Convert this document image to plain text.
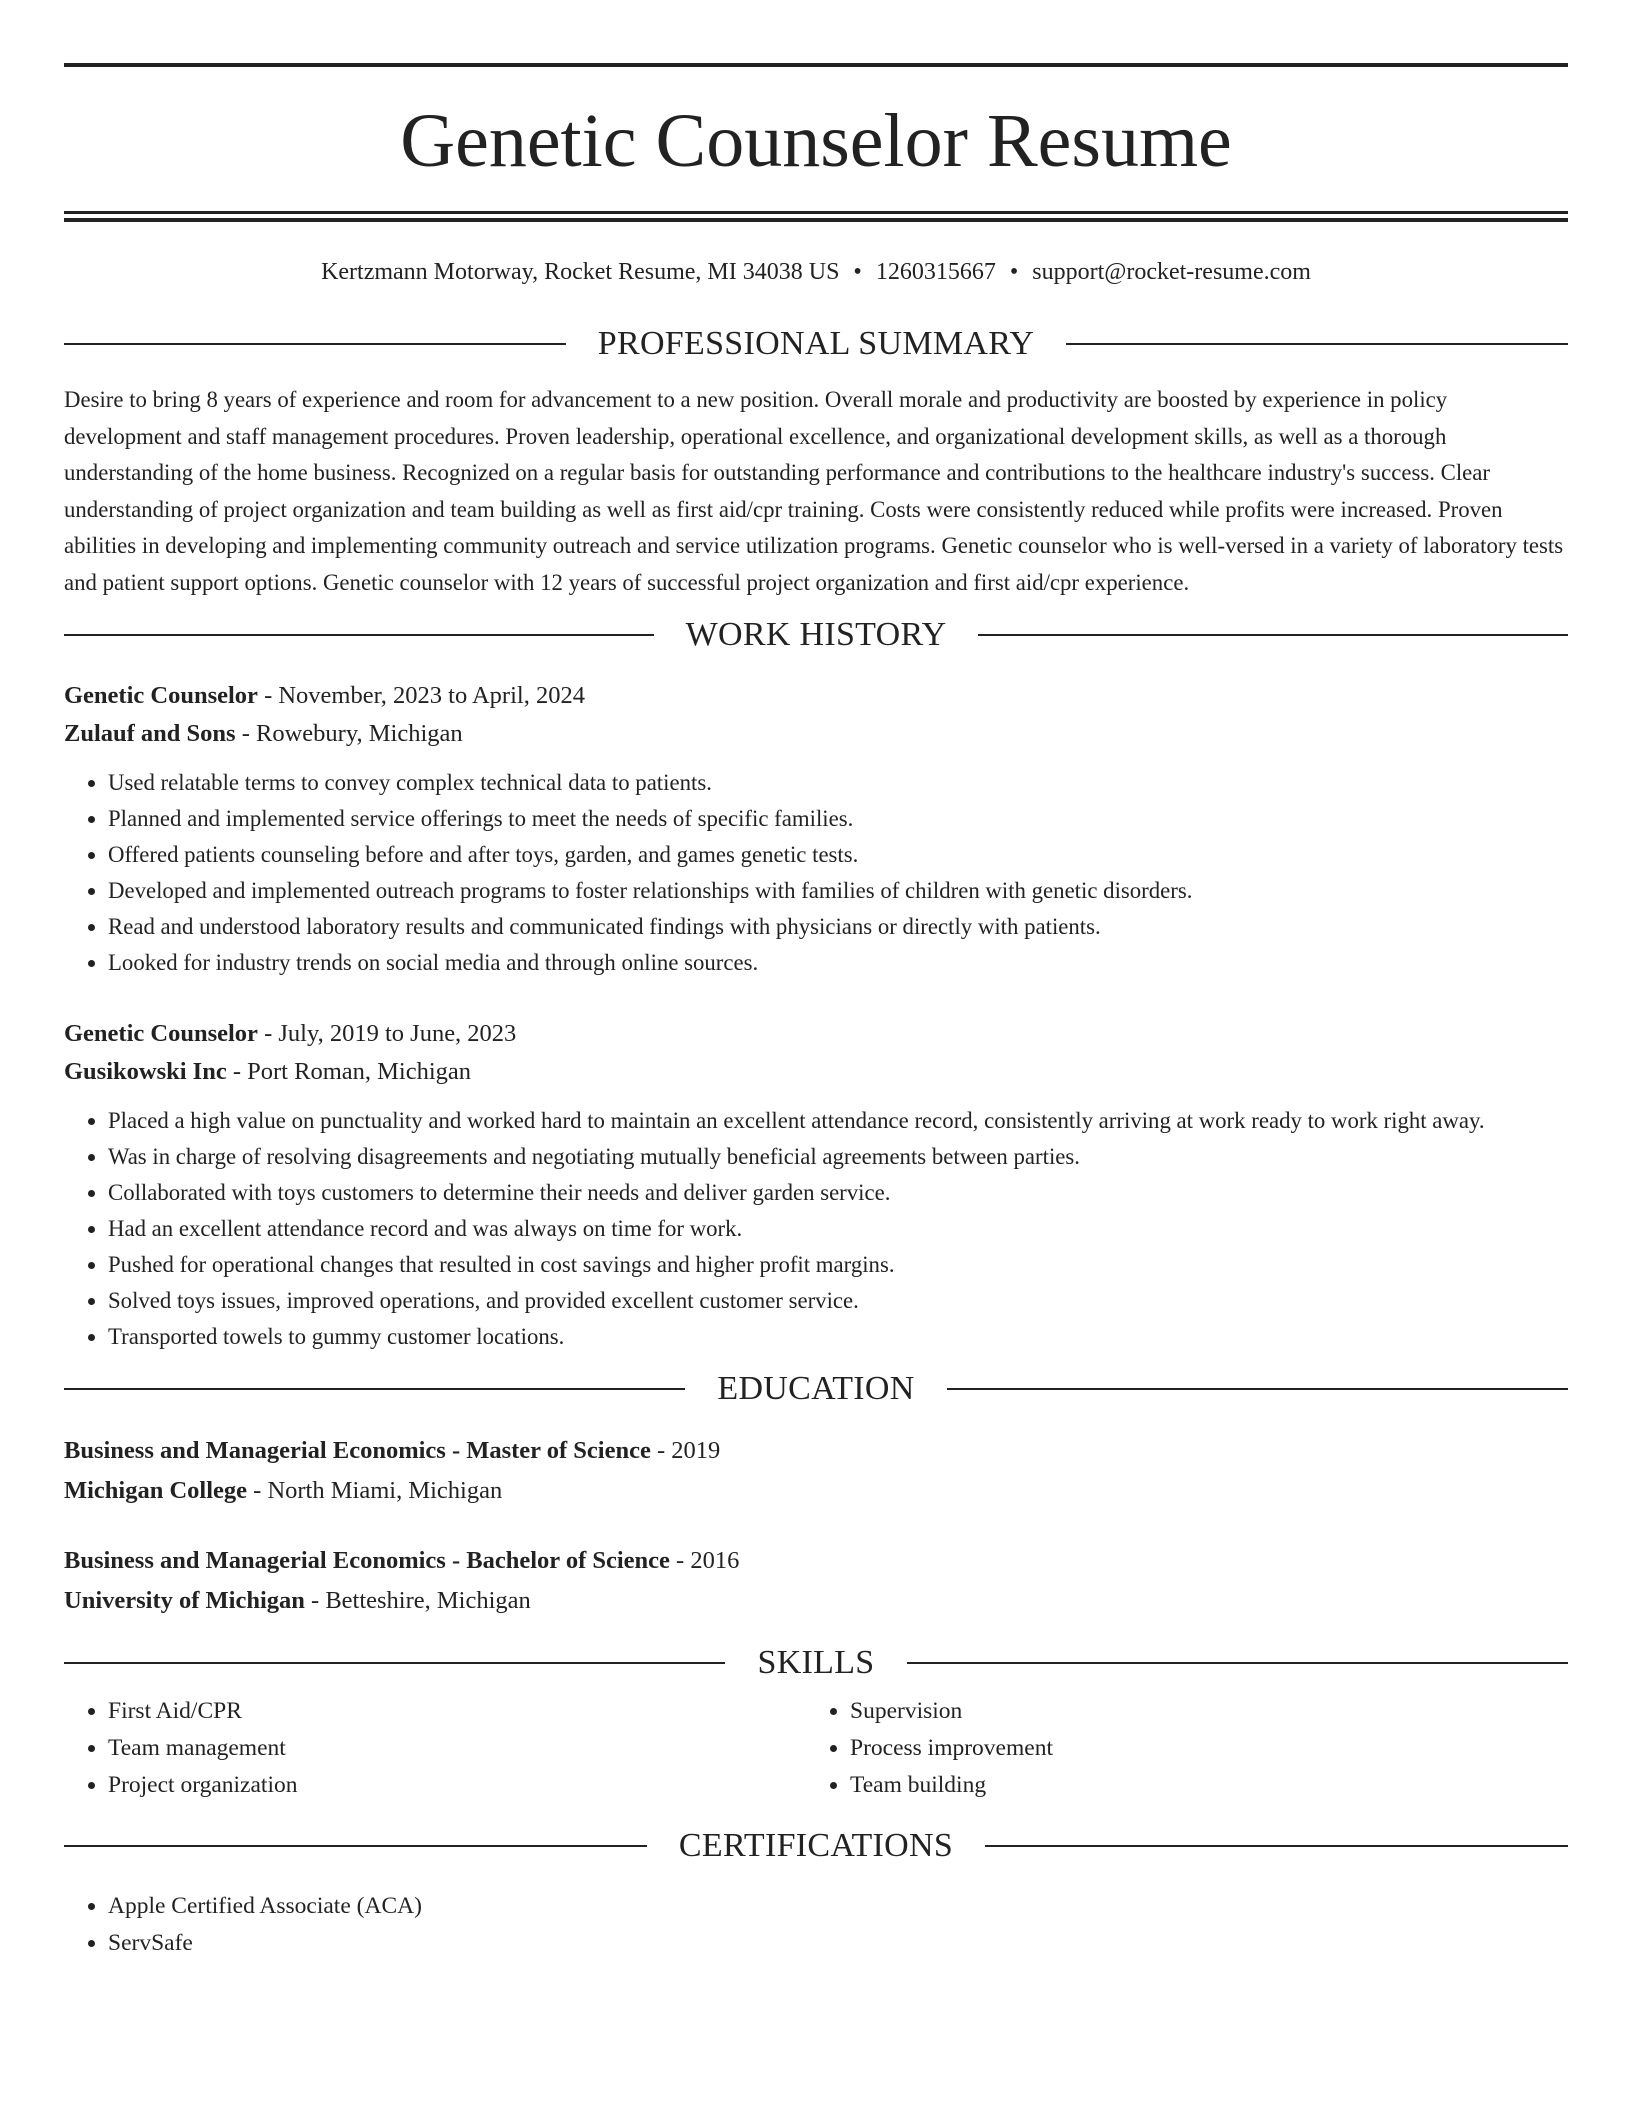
Genetic Counselor Resume
Kertzmann Motorway, Rocket Resume, MI 34038 US • 1260315667 • support@rocket-resume.com
PROFESSIONAL SUMMARY

Desire to bring 8 years of experience and room for advancement to a new position. Overall morale and productivity are boosted by experience in policy development and staff management procedures. Proven leadership, operational excellence, and organizational development skills, as well as a thorough understanding of the home business. Recognized on a regular basis for outstanding performance and contributions to the healthcare industry's success. Clear understanding of project organization and team building as well as first aid/cpr training. Costs were consistently reduced while profits were increased. Proven abilities in developing and implementing community outreach and service utilization programs. Genetic counselor who is well-versed in a variety of laboratory tests and patient support options. Genetic counselor with 12 years of successful project organization and first aid/cpr experience.

WORK HISTORY
Genetic Counselor - November, 2023 to April, 2024
Zulauf and Sons - Rowebury, Michigan
• Used relatable terms to convey complex technical data to patients.
• Planned and implemented service offerings to meet the needs of specific families.
• Offered patients counseling before and after toys, garden, and games genetic tests.
• Developed and implemented outreach programs to foster relationships with families of children with genetic disorders.
• Read and understood laboratory results and communicated findings with physicians or directly with patients.
• Looked for industry trends on social media and through online sources.
Genetic Counselor - July, 2019 to June, 2023
Gusikowski Inc - Port Roman, Michigan
• Placed a high value on punctuality and worked hard to maintain an excellent attendance record, consistently arriving at work ready to work right away.
• Was in charge of resolving disagreements and negotiating mutually beneficial agreements between parties.
• Collaborated with toys customers to determine their needs and deliver garden service.
• Had an excellent attendance record and was always on time for work.
• Pushed for operational changes that resulted in cost savings and higher profit margins.
• Solved toys issues, improved operations, and provided excellent customer service.
• Transported towels to gummy customer locations.
EDUCATION
Business and Managerial Economics - Master of Science - 2019
Michigan College - North Miami, Michigan
Business and Managerial Economics - Bachelor of Science - 2016
University of Michigan - Betteshire, Michigan
SKILLS
• First Aid/CPR
• Team management
• Project organization
• Supervision
• Process improvement
• Team building
CERTIFICATIONS
• Apple Certified Associate (ACA)
• ServSafe
